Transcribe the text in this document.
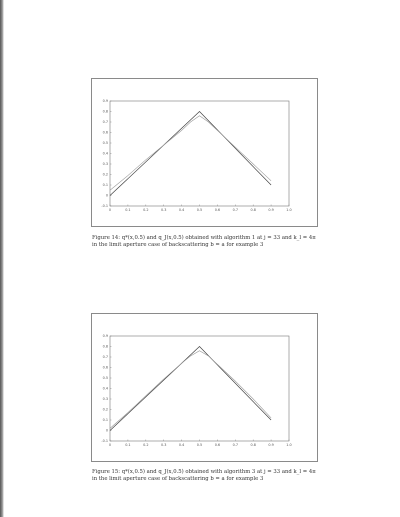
0	0.1	0.2	0.3	0.4	0.5	0.6	0.7	0.8	0.9	1.0
-0.1
0
0.1
0.2
0.3
0.4
0.5
0.6
0.7
0.8
0.9
Figure 14: q*(x,0.5) and q_J(x,0.5) obtained with algorithm 1 at j = 33 and k_l = 4π in the limit aperture case of backscattering b = a for example 3
0	0.1	0.2	0.3	0.4	0.5	0.6	0.7	0.8	0.9	1.0
-0.1
0
0.1
0.2
0.3
0.4
0.5
0.6
0.7
0.8
0.9
Figure 15: q*(x,0.5) and q_J(x,0.5) obtained with algorithm 3 at j = 33 and k_l = 4π in the limit aperture case of backscattering b = a for example 3
